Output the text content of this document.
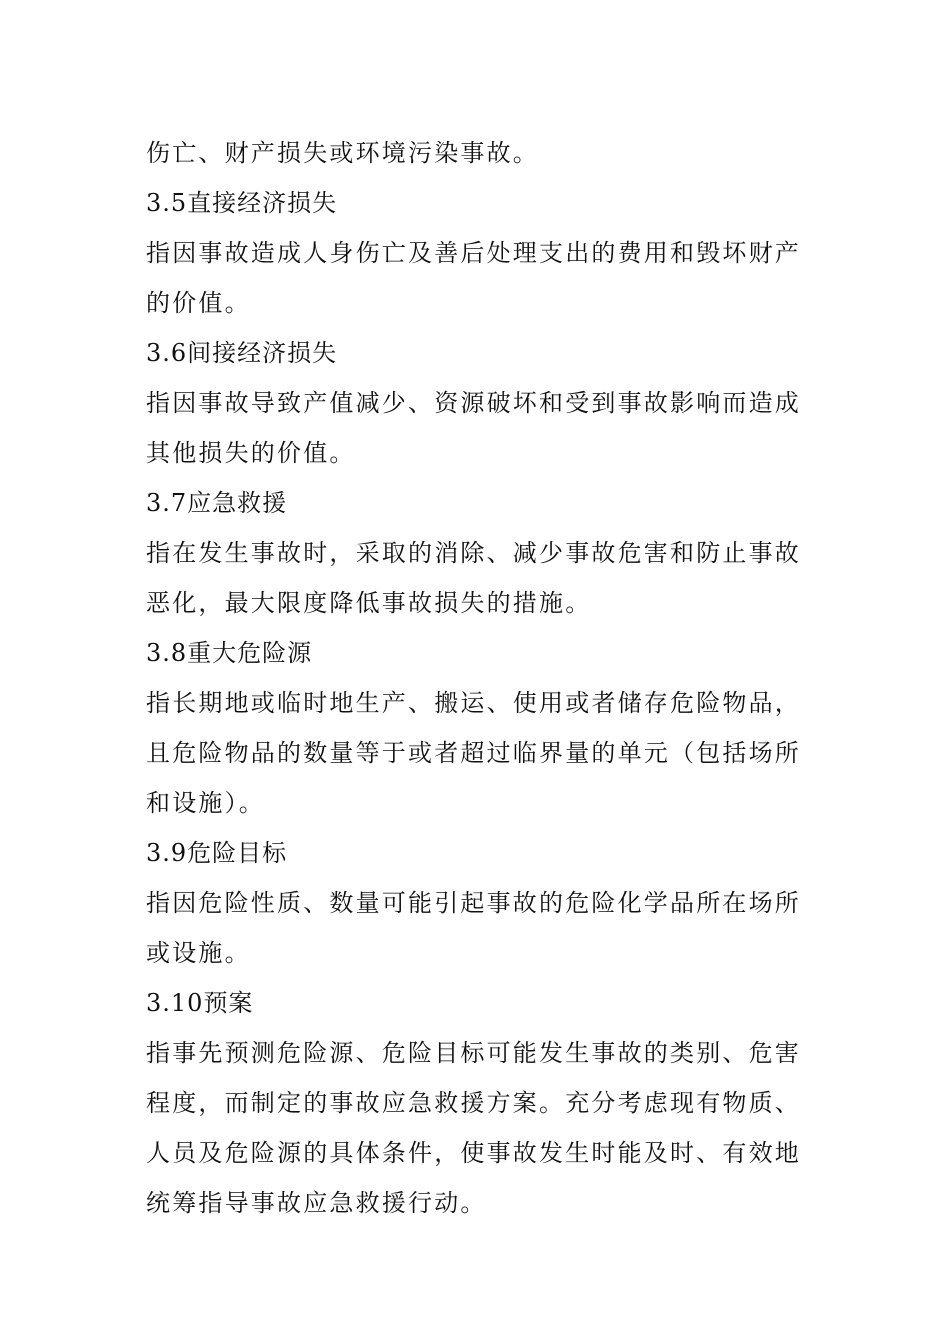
伤亡、财产损失或环境污染事故。
3.5直接经济损失
指因事故造成人身伤亡及善后处理支出的费用和毁坏财产
的价值。
3.6间接经济损失
指因事故导致产值减少、资源破坏和受到事故影响而造成
其他损失的价值。
3.7应急救援
指在发生事故时，采取的消除、减少事故危害和防止事故
恶化，最大限度降低事故损失的措施。
3.8重大危险源
指长期地或临时地生产、搬运、使用或者储存危险物品，
且危险物品的数量等于或者超过临界量的单元（包括场所
和设施）。
3.9危险目标
指因危险性质、数量可能引起事故的危险化学品所在场所
或设施。
3.10预案
指事先预测危险源、危险目标可能发生事故的类别、危害
程度，而制定的事故应急救援方案。充分考虑现有物质、
人员及危险源的具体条件，使事故发生时能及时、有效地
统筹指导事故应急救援行动。
